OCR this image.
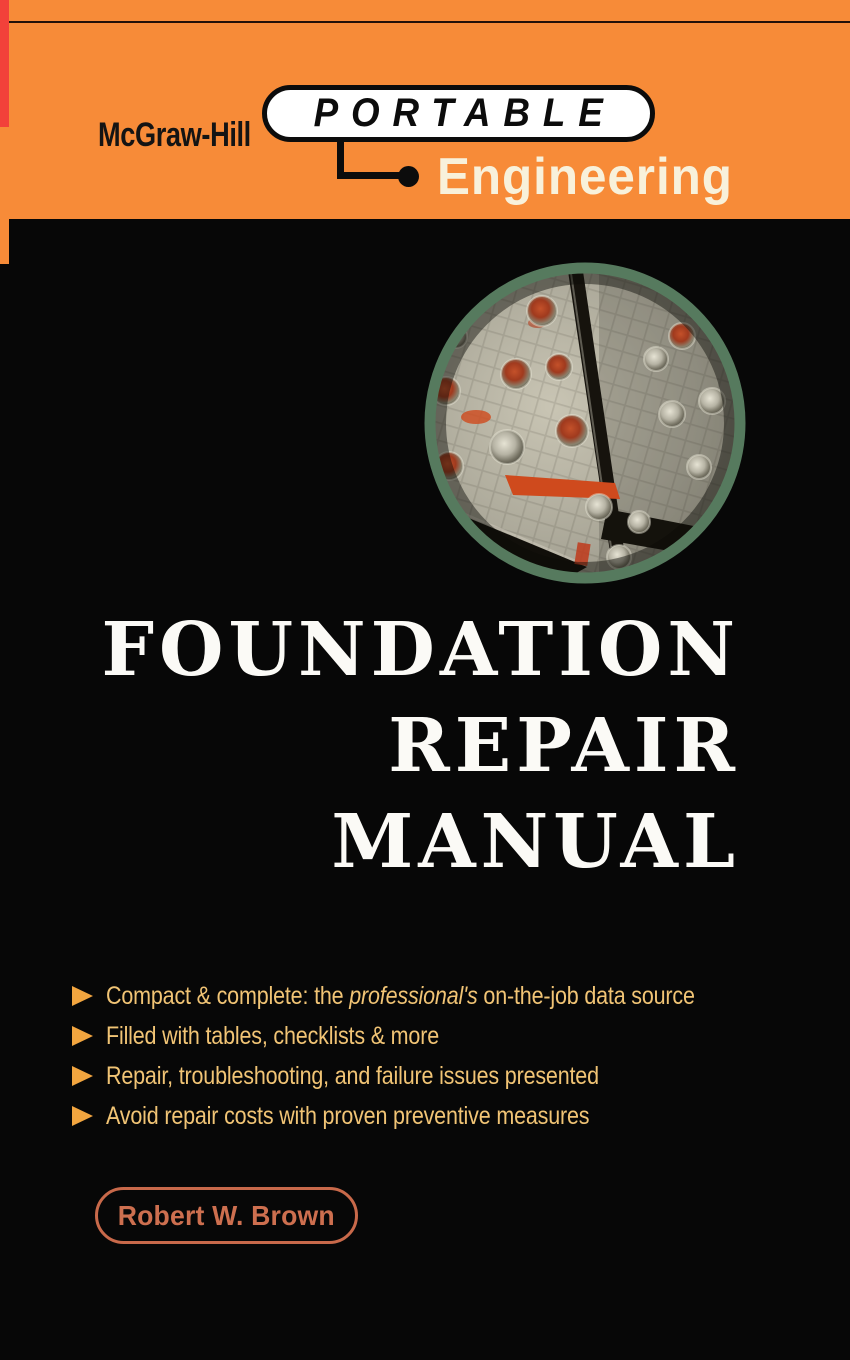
McGraw-Hill	PORTABLE
Engineering
FOUNDATION
REPAIR
MANUAL
Compact & complete: the professional's on-the-job data source
Filled with tables, checklists & more
Repair, troubleshooting, and failure issues presented
Avoid repair costs with proven preventive measures
Robert W. Brown
